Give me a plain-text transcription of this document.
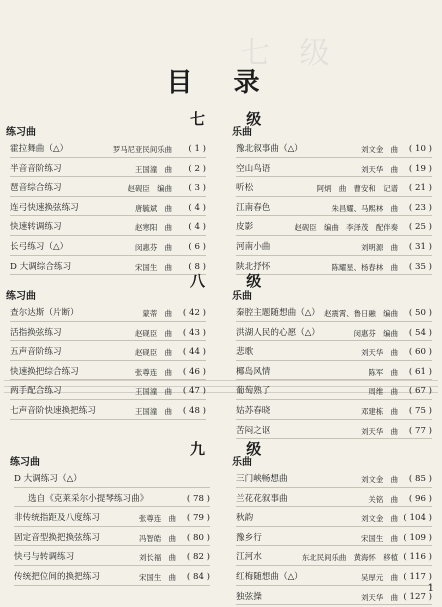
七 级
目 录
七 级
练习曲
霍拉舞曲（△）	罗马尼亚民间乐曲 ( 1 )
半音音阶练习	王国潼　曲 ( 2 )
琶音综合练习	赵砚臣　编曲 ( 3 )
连弓快速换弦练习	唐毓斌　曲 ( 4 )
快速转调练习	赵寒阳　曲 ( 4 )
长弓练习（△）	闵惠芬　曲 ( 6 )
D 大调综合练习	宋国生　曲 ( 8 )
乐曲
豫北叙事曲（△）	刘文金　曲 ( 10 )
空山鸟语	刘天华　曲 ( 19 )
听松	阿炳　曲　曹安和　记谱 ( 21 )
江南春色	朱昌耀、马熙林　曲 ( 23 )
皮影	赵砚臣　编曲　李泽茂　配伴奏 ( 25 )
河南小曲	刘明源　曲 ( 31 )
陕北抒怀	陈耀星、杨春林　曲 ( 35 )
八 级
练习曲
查尔达斯（片断）	蒙蒂　曲 ( 42 )
活指换弦练习	赵砚臣　曲 ( 43 )
五声音阶练习	赵砚臣　曲 ( 44 )
快速换把综合练习	张尊连　曲 ( 46 )
两手配合练习	王国潼　曲 ( 47 )
七声音阶快速换把练习	王国潼　曲 ( 48 )
乐曲
秦腔主题随想曲（△） 赵震霄、鲁日融　编曲 ( 50 )
洪湖人民的心愿（△）	闵惠芬　编曲 ( 54 )
悲歌	刘天华　曲 ( 60 )
椰岛风情	陈军　曲 ( 61 )
葡萄熟了	周维　曲 ( 67 )
姑苏春晓	邓建栋　曲 ( 75 )
苦闷之讴	刘天华　曲 ( 77 )
九 级
练习曲
D 大调练习（△）
选自《克莱采尔小提琴练习曲》	( 78 )
非传统指距及八度练习	张尊连　曲 ( 79 )
固定音型换把换弦练习	冯智皓　曲 ( 80 )
快弓与转调练习	刘长福　曲 ( 82 )
传统把位间的换把练习	宋国生　曲 ( 84 )
乐曲
三门峡畅想曲	刘文金　曲 ( 85 )
兰花花叙事曲	关铭　曲 ( 96 )
秋韵	刘文金　曲 ( 104 )
豫乡行	宋国生　曲 ( 109 )
江河水	东北民间乐曲　黄海怀　移植 ( 116 )
红梅随想曲（△）	吴厚元　曲 ( 117 )
独弦操	刘天华　曲 ( 127 )
1
